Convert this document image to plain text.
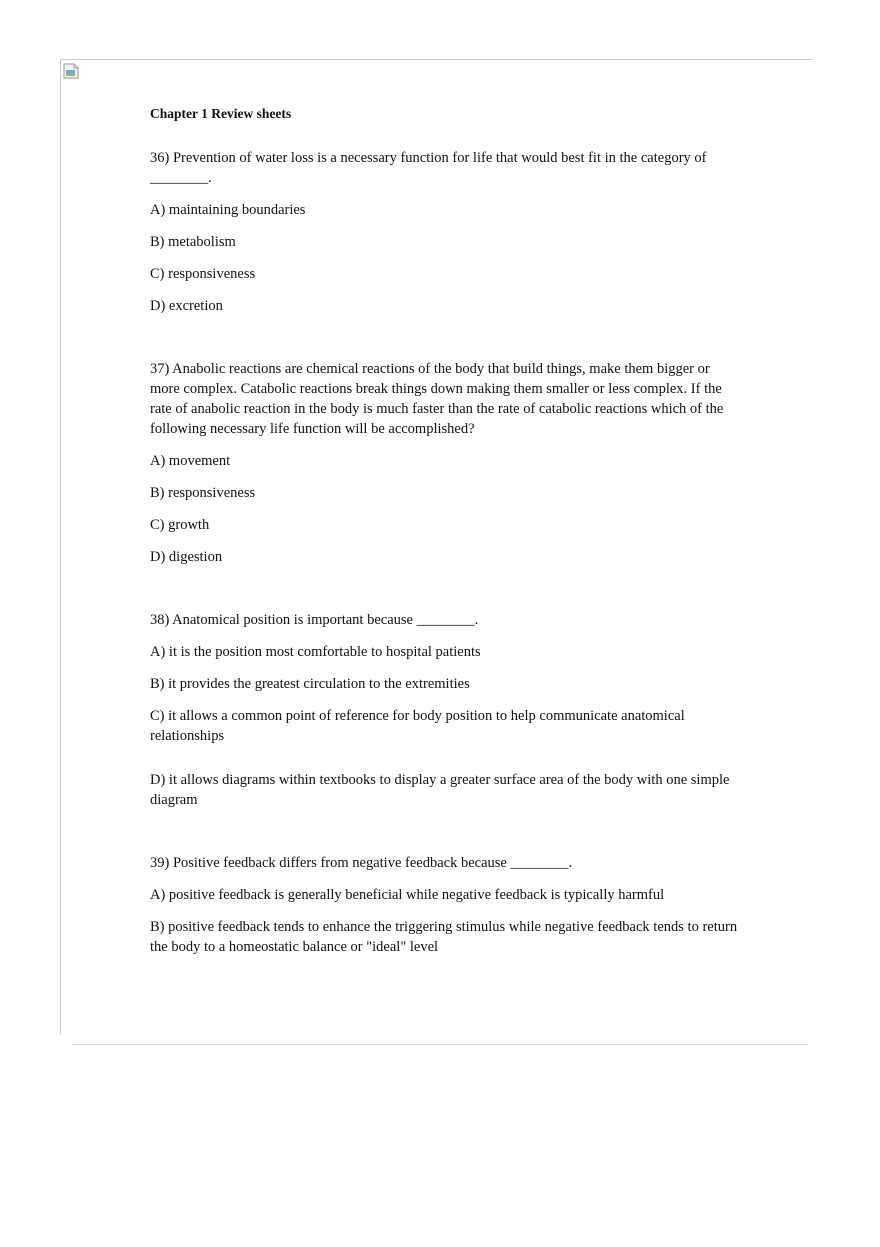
Chapter 1 Review sheets

36) Prevention of water loss is a necessary function for life that would best fit in the category of ________.

A) maintaining boundaries

B) metabolism

C) responsiveness

D) excretion

37) Anabolic reactions are chemical reactions of the body that build things, make them bigger or more complex. Catabolic reactions break things down making them smaller or less complex. If the rate of anabolic reaction in the body is much faster than the rate of catabolic reactions which of the following necessary life function will be accomplished?

A) movement

B) responsiveness

C) growth

D) digestion

38) Anatomical position is important because ________.

A) it is the position most comfortable to hospital patients

B) it provides the greatest circulation to the extremities

C) it allows a common point of reference for body position to help communicate anatomical relationships

D) it allows diagrams within textbooks to display a greater surface area of the body with one simple diagram

39) Positive feedback differs from negative feedback because ________.

A) positive feedback is generally beneficial while negative feedback is typically harmful

B) positive feedback tends to enhance the triggering stimulus while negative feedback tends to return the body to a homeostatic balance or "ideal" level
